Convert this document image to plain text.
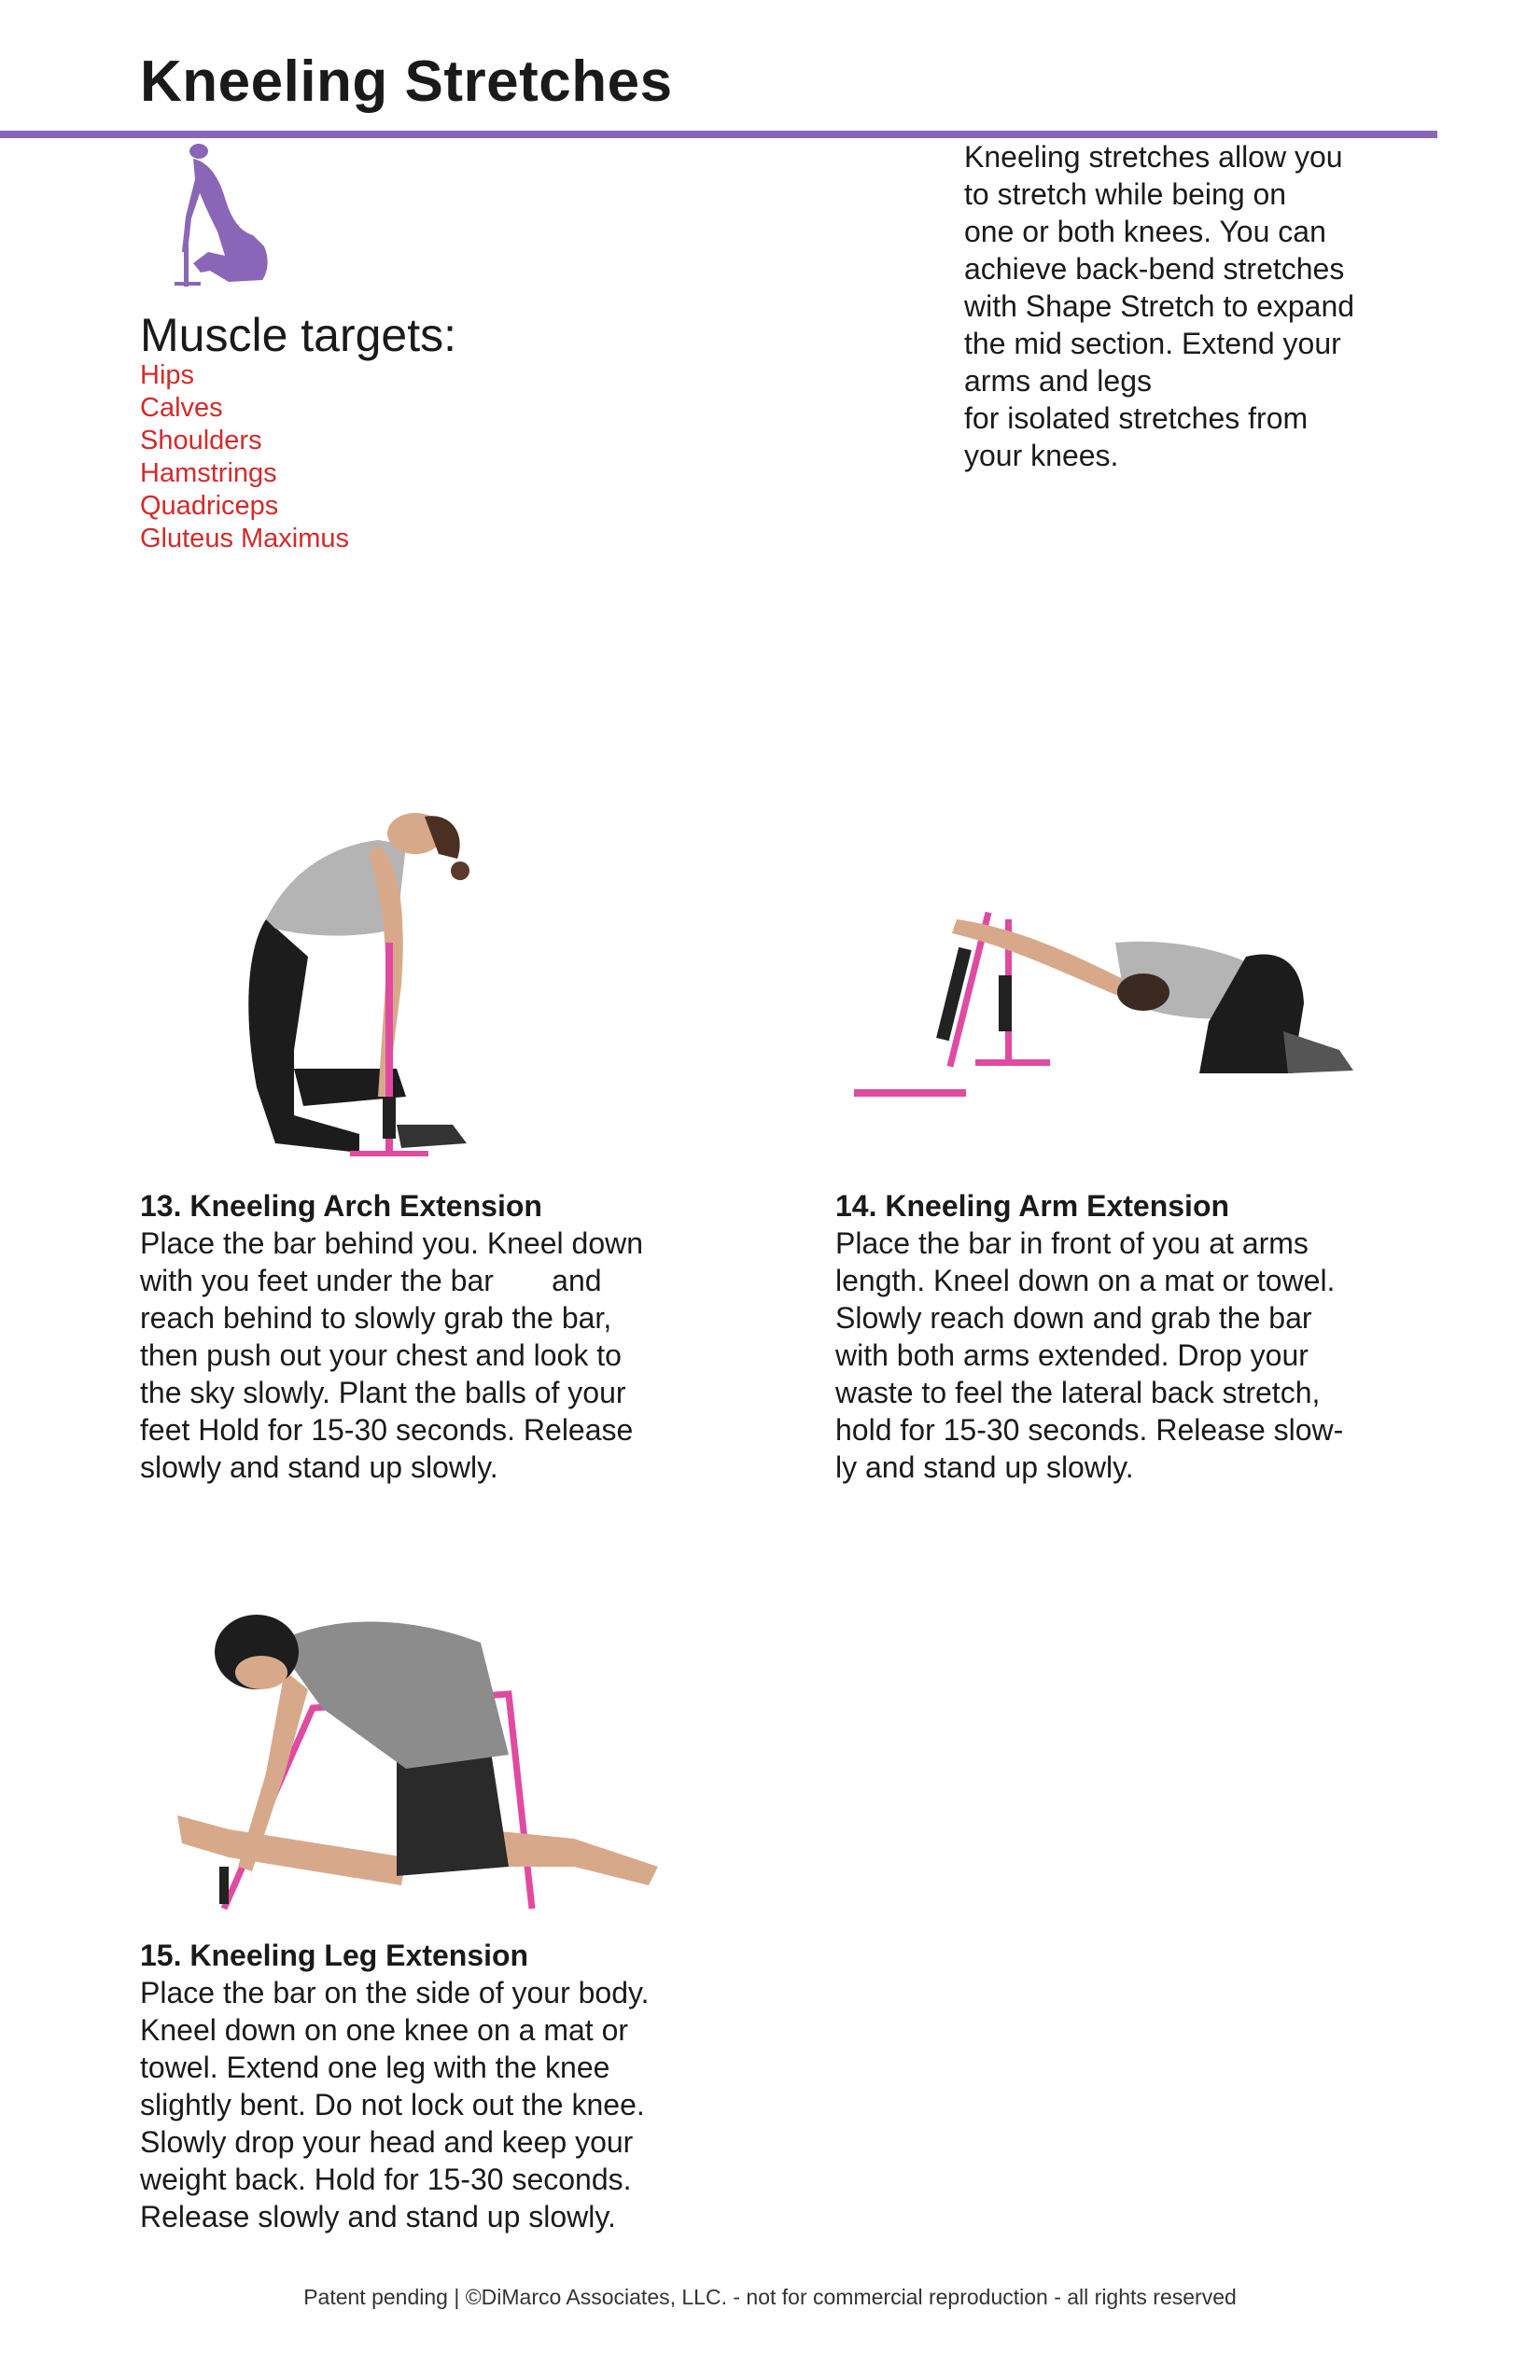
Kneeling Stretches
Muscle targets:
Hips
Calves
Shoulders
Hamstrings
Quadriceps
Gluteus Maximus
Kneeling stretches allow you
to stretch while being on
one or both knees. You can
achieve back-bend stretches
with Shape Stretch to expand
the mid section. Extend your
arms and legs
for isolated stretches from
your knees.
13. Kneeling Arch Extension
Place the bar behind you. Kneel down
with you feet under the bar       and
reach behind to slowly grab the bar,
then push out your chest and look to
the sky slowly. Plant the balls of your
feet Hold for 15-30 seconds. Release
slowly and stand up slowly.
14. Kneeling Arm Extension
Place the bar in front of you at arms
length. Kneel down on a mat or towel.
Slowly reach down and grab the bar
with both arms extended. Drop your
waste to feel the lateral back stretch,
hold for 15-30 seconds. Release slow-
ly and stand up slowly.
15. Kneeling Leg Extension
Place the bar on the side of your body.
Kneel down on one knee on a mat or
towel. Extend one leg with the knee
slightly bent. Do not lock out the knee.
Slowly drop your head and keep your
weight back. Hold for 15-30 seconds.
Release slowly and stand up slowly.
Patent pending | ©DiMarco Associates, LLC. - not for commercial reproduction - all rights reserved
